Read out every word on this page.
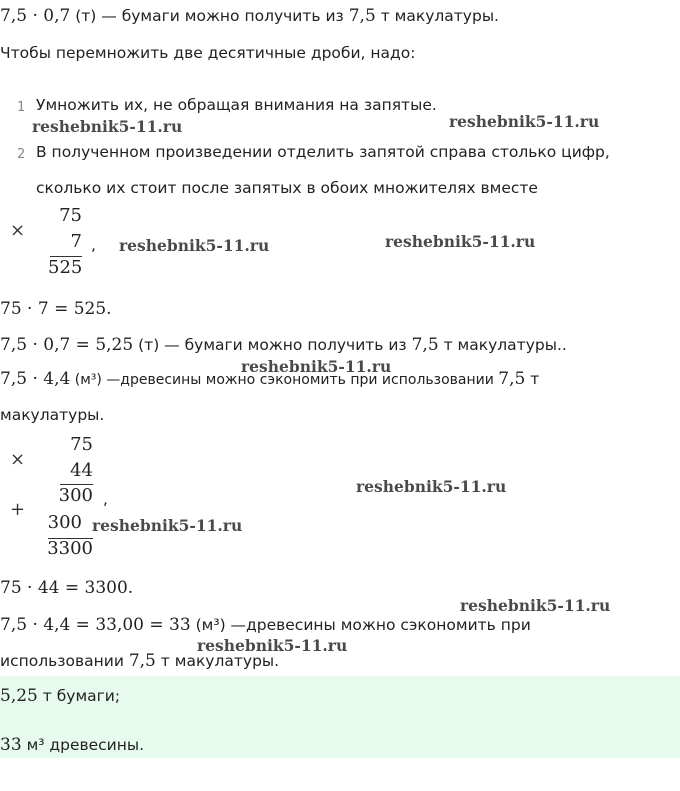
7,5 · 0,7 (т) — бумаги можно получить из 7,5 т макулатуры.
Чтобы перемножить две десятичные дроби, надо:
1 Умножить их, не обращая внимания на запятые.
2 В полученном произведении отделить запятой справа столько цифр,
сколько их стоит после запятых в обоих множителях вместе
×
75
7
525
,
75 · 7 = 525.
7,5 · 0,7 = 5,25 (т) — бумаги можно получить из 7,5 т макулатуры..
7,5 · 4,4 (м³) —древесины можно сэкономить при использовании 7,5 т
макулатуры.
×
75
44
300 ,
+
300
3300
75 · 44 = 3300.
7,5 · 4,4 = 33,00 = 33 (м³) —древесины можно сэкономить при
использовании 7,5 т макулатуры.
5,25 т бумаги;
33 м³ древесины.
reshebnik5-11.ru	reshebnik5-11.ru
reshebnik5-11.ru	reshebnik5-11.ru
reshebnik5-11.ru
reshebnik5-11.ru
reshebnik5-11.ru
reshebnik5-11.ru
reshebnik5-11.ru
